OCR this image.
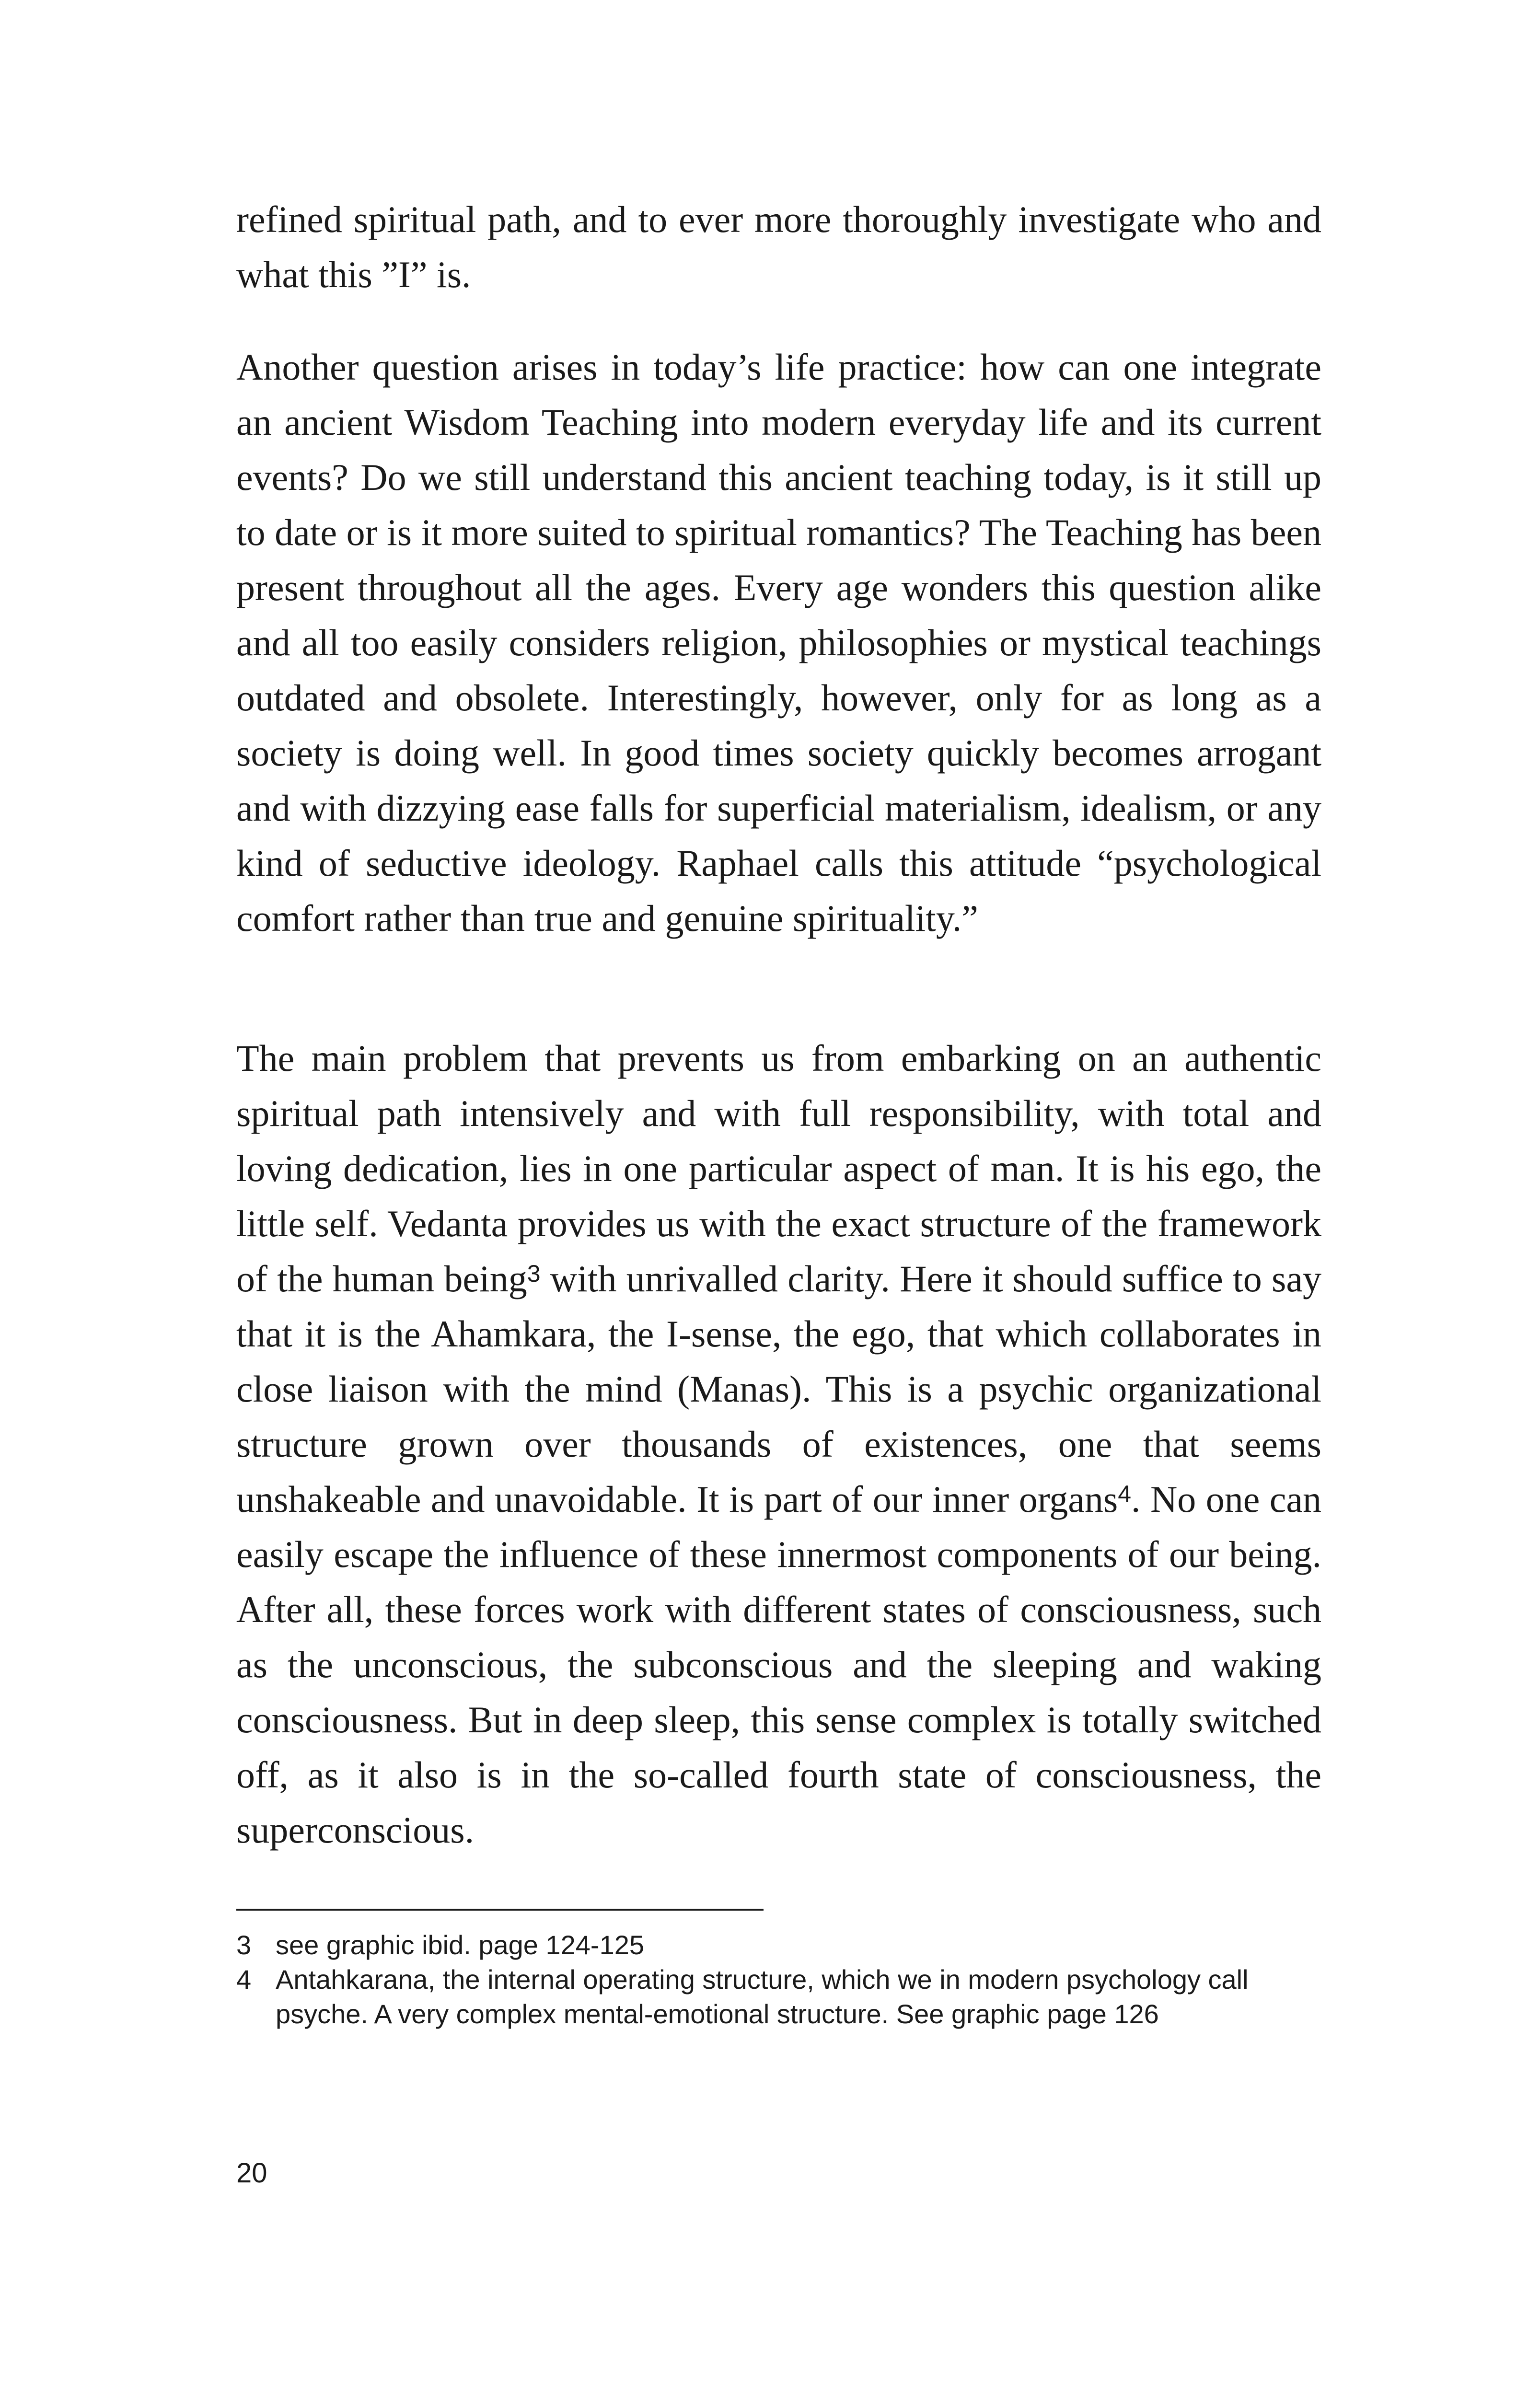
refined spiritual path, and to ever more thoroughly investigate who and what this ”I” is.

Another question arises in today’s life practice: how can one integrate an ancient Wisdom Teaching into modern everyday life and its current events? Do we still understand this ancient teaching today, is it still up to date or is it more suited to spiritual romantics? The Teaching has been present throughout all the ages. Every age wonders this question alike and all too easily considers religion, philosophies or mystical teachings outdated and obsolete. Interestingly, however, only for as long as a society is doing well. In good times society quickly becomes arrogant and with dizzying ease falls for superficial materialism, idealism, or any kind of seductive ideology. Raphael calls this attitude “psychological comfort rather than true and genuine spirituality.”

The main problem that prevents us from embarking on an authentic spiritual path intensively and with full responsibility, with total and loving dedication, lies in one particular aspect of man. It is his ego, the little self. Vedanta provides us with the exact structure of the framework of the human being$^3$ with unrivalled clarity. Here it should suffice to say that it is the Ahamkara, the I-sense, the ego, that which collaborates in close liaison with the mind (Manas). This is a psychic organizational structure grown over thousands of existences, one that seems unshakeable and unavoidable. It is part of our inner organs$^4$. No one can easily escape the influence of these innermost components of our being. After all, these forces work with different states of consciousness, such as the unconscious, the subconscious and the sleeping and waking consciousness. But in deep sleep, this sense complex is totally switched off, as it also is in the so-called fourth state of consciousness, the superconscious.

3 see graphic ibid. page 124-125
4 Antahkarana, the internal operating structure, which we in modern psychology call psyche. A very complex mental-emotional structure. See graphic page 126
20
